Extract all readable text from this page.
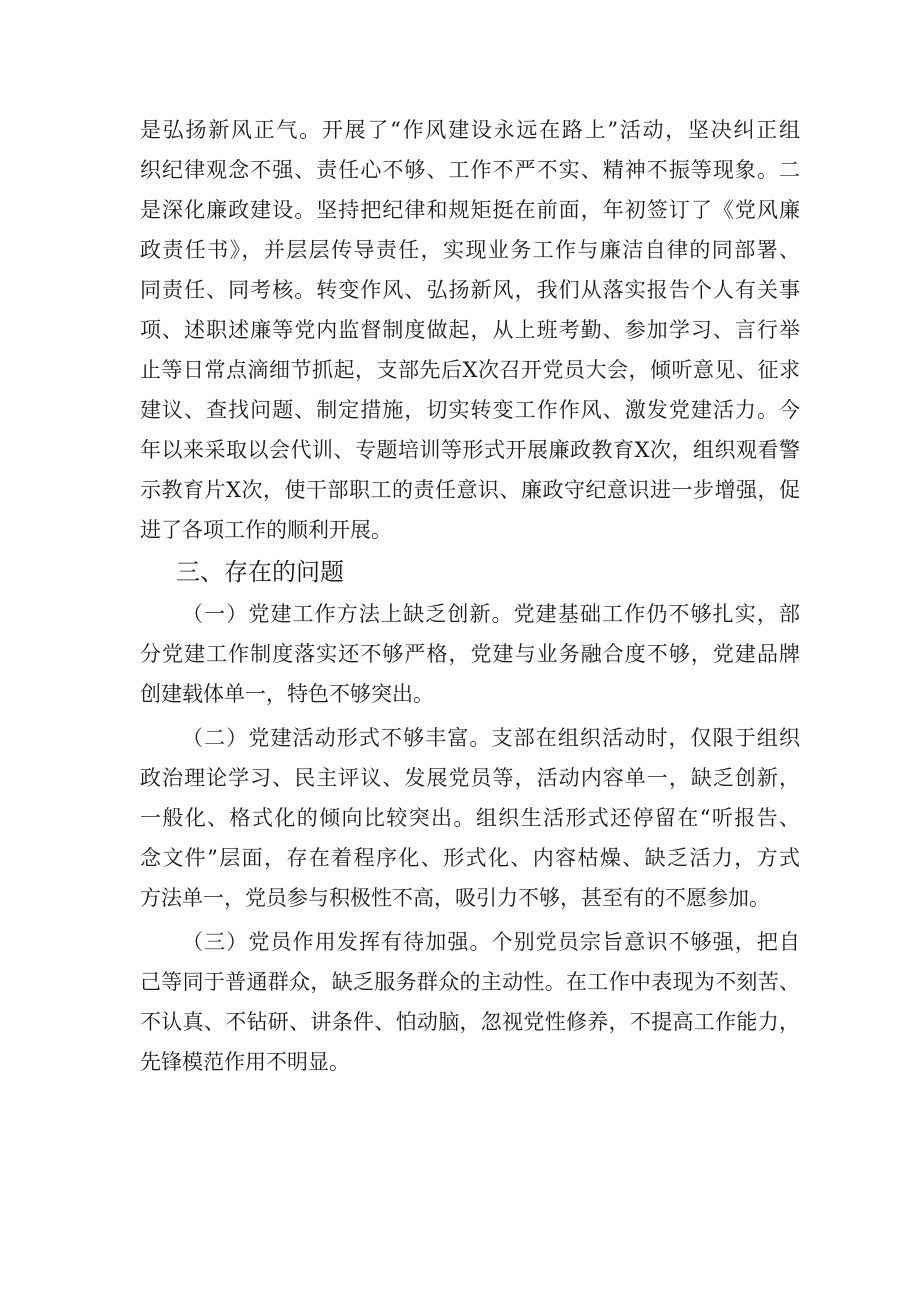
是弘扬新风正气。开展了“作风建设永远在路上”活动，坚决纠正组
织纪律观念不强、责任心不够、工作不严不实、精神不振等现象。二
是深化廉政建设。坚持把纪律和规矩挺在前面，年初签订了《党风廉
政责任书》，并层层传导责任，实现业务工作与廉洁自律的同部署、
同责任、同考核。转变作风、弘扬新风，我们从落实报告个人有关事
项、述职述廉等党内监督制度做起，从上班考勤、参加学习、言行举
止等日常点滴细节抓起，支部先后X次召开党员大会，倾听意见、征求
建议、查找问题、制定措施，切实转变工作作风、激发党建活力。今
年以来采取以会代训、专题培训等形式开展廉政教育X次，组织观看警
示教育片X次，使干部职工的责任意识、廉政守纪意识进一步增强，促
进了各项工作的顺利开展。
三、存在的问题
（一）党建工作方法上缺乏创新。党建基础工作仍不够扎实，部
分党建工作制度落实还不够严格，党建与业务融合度不够，党建品牌
创建载体单一，特色不够突出。
（二）党建活动形式不够丰富。支部在组织活动时，仅限于组织
政治理论学习、民主评议、发展党员等，活动内容单一，缺乏创新，
一般化、格式化的倾向比较突出。组织生活形式还停留在“听报告、
念文件”层面，存在着程序化、形式化、内容枯燥、缺乏活力，方式
方法单一，党员参与积极性不高，吸引力不够，甚至有的不愿参加。
（三）党员作用发挥有待加强。个别党员宗旨意识不够强，把自
己等同于普通群众，缺乏服务群众的主动性。在工作中表现为不刻苦、
不认真、不钻研、讲条件、怕动脑，忽视党性修养，不提高工作能力，
先锋模范作用不明显。
